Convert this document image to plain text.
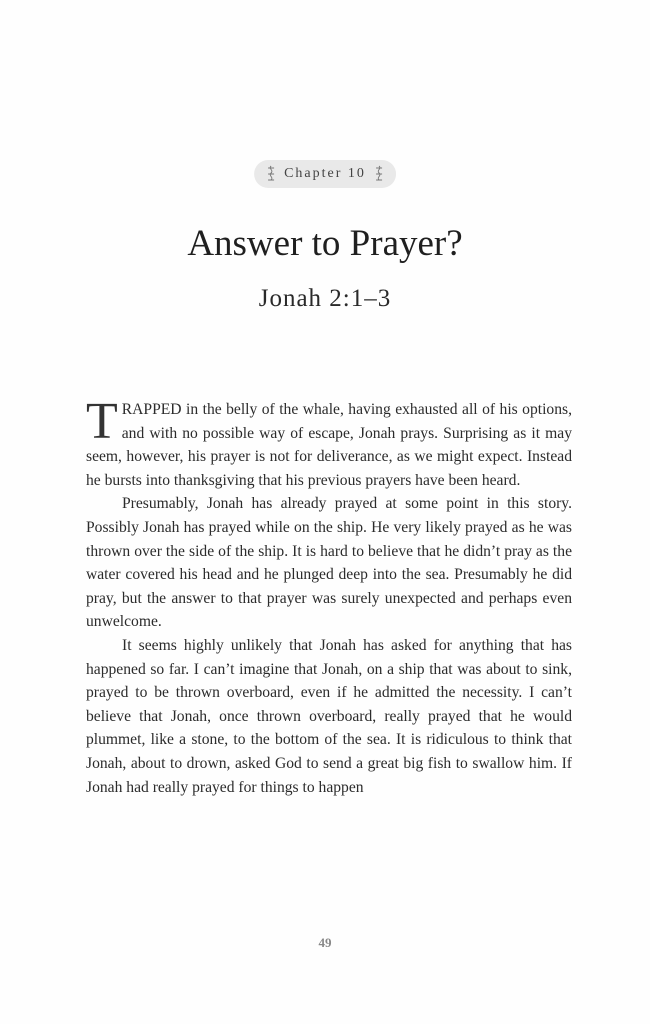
Chapter 10
Answer to Prayer?
Jonah 2:1–3

TRAPPED in the belly of the whale, having exhausted all of his options, and with no possible way of escape, Jonah prays. Surprising as it may seem, however, his prayer is not for deliverance, as we might expect. Instead he bursts into thanksgiving that his previous prayers have been heard.

Presumably, Jonah has already prayed at some point in this story. Possibly Jonah has prayed while on the ship. He very likely prayed as he was thrown over the side of the ship. It is hard to believe that he didn’t pray as the water covered his head and he plunged deep into the sea. Presumably he did pray, but the answer to that prayer was surely unexpected and perhaps even unwelcome.

It seems highly unlikely that Jonah has asked for anything that has happened so far. I can’t imagine that Jonah, on a ship that was about to sink, prayed to be thrown overboard, even if he admitted the necessity. I can’t believe that Jonah, once thrown overboard, really prayed that he would plummet, like a stone, to the bottom of the sea. It is ridiculous to think that Jonah, about to drown, asked God to send a great big fish to swallow him. If Jonah had really prayed for things to happen

49
